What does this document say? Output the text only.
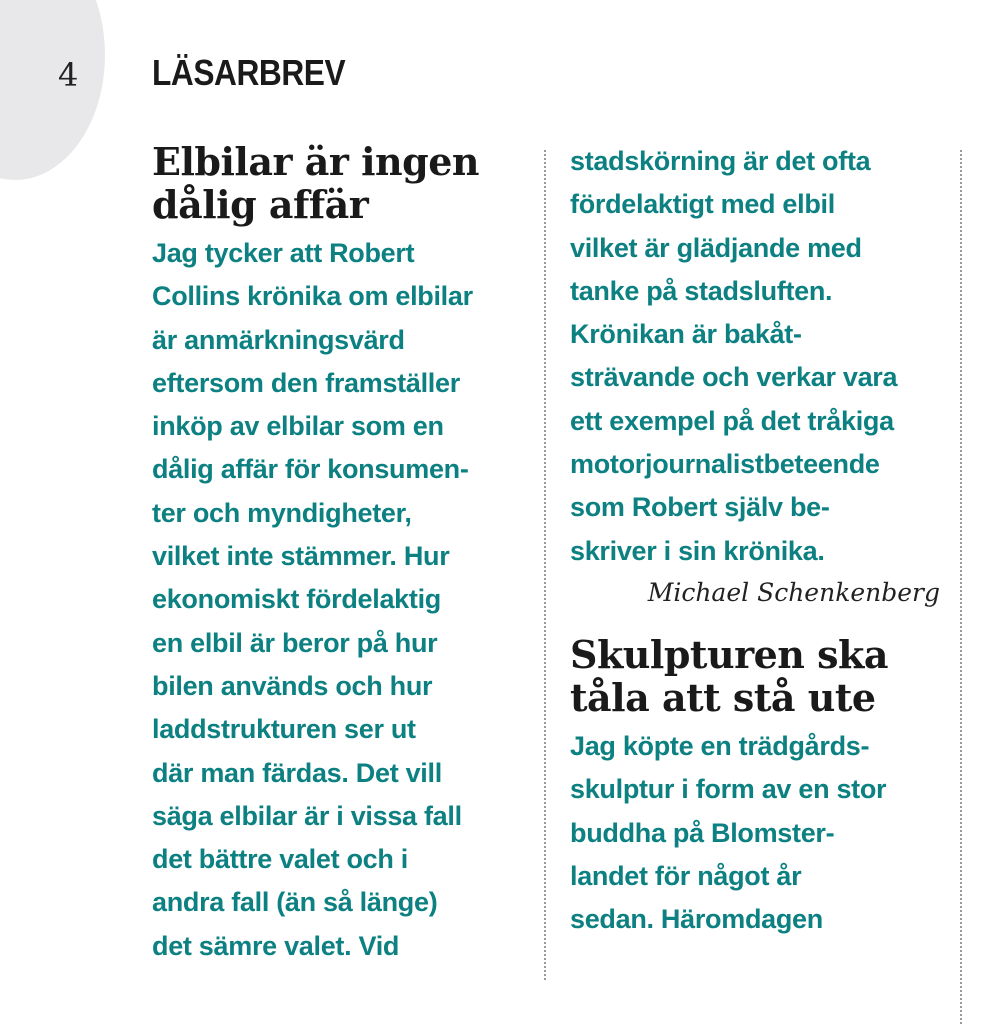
4 LÄSARBREV
Elbilar är ingen
dålig affär

Jag tycker att Robert
Collins krönika om elbilar
är anmärkningsvärd
eftersom den framställer
inköp av elbilar som en
dålig affär för konsumen-
ter och myndigheter,
vilket inte stämmer. Hur
ekonomiskt fördelaktig
en elbil är beror på hur
bilen används och hur
laddstrukturen ser ut
där man färdas. Det vill
säga elbilar är i vissa fall
det bättre valet och i
andra fall (än så länge)
det sämre valet. Vid

stadskörning är det ofta
fördelaktigt med elbil
vilket är glädjande med
tanke på stadsluften.
Krönikan är bakåt-
strävande och verkar vara
ett exempel på det tråkiga
motorjournalistbeteende
som Robert själv be-
skriver i sin krönika.

Michael Schenkenberg
Skulpturen ska
tåla att stå ute

Jag köpte en trädgårds-
skulptur i form av en stor
buddha på Blomster-
landet för något år
sedan. Häromdagen
